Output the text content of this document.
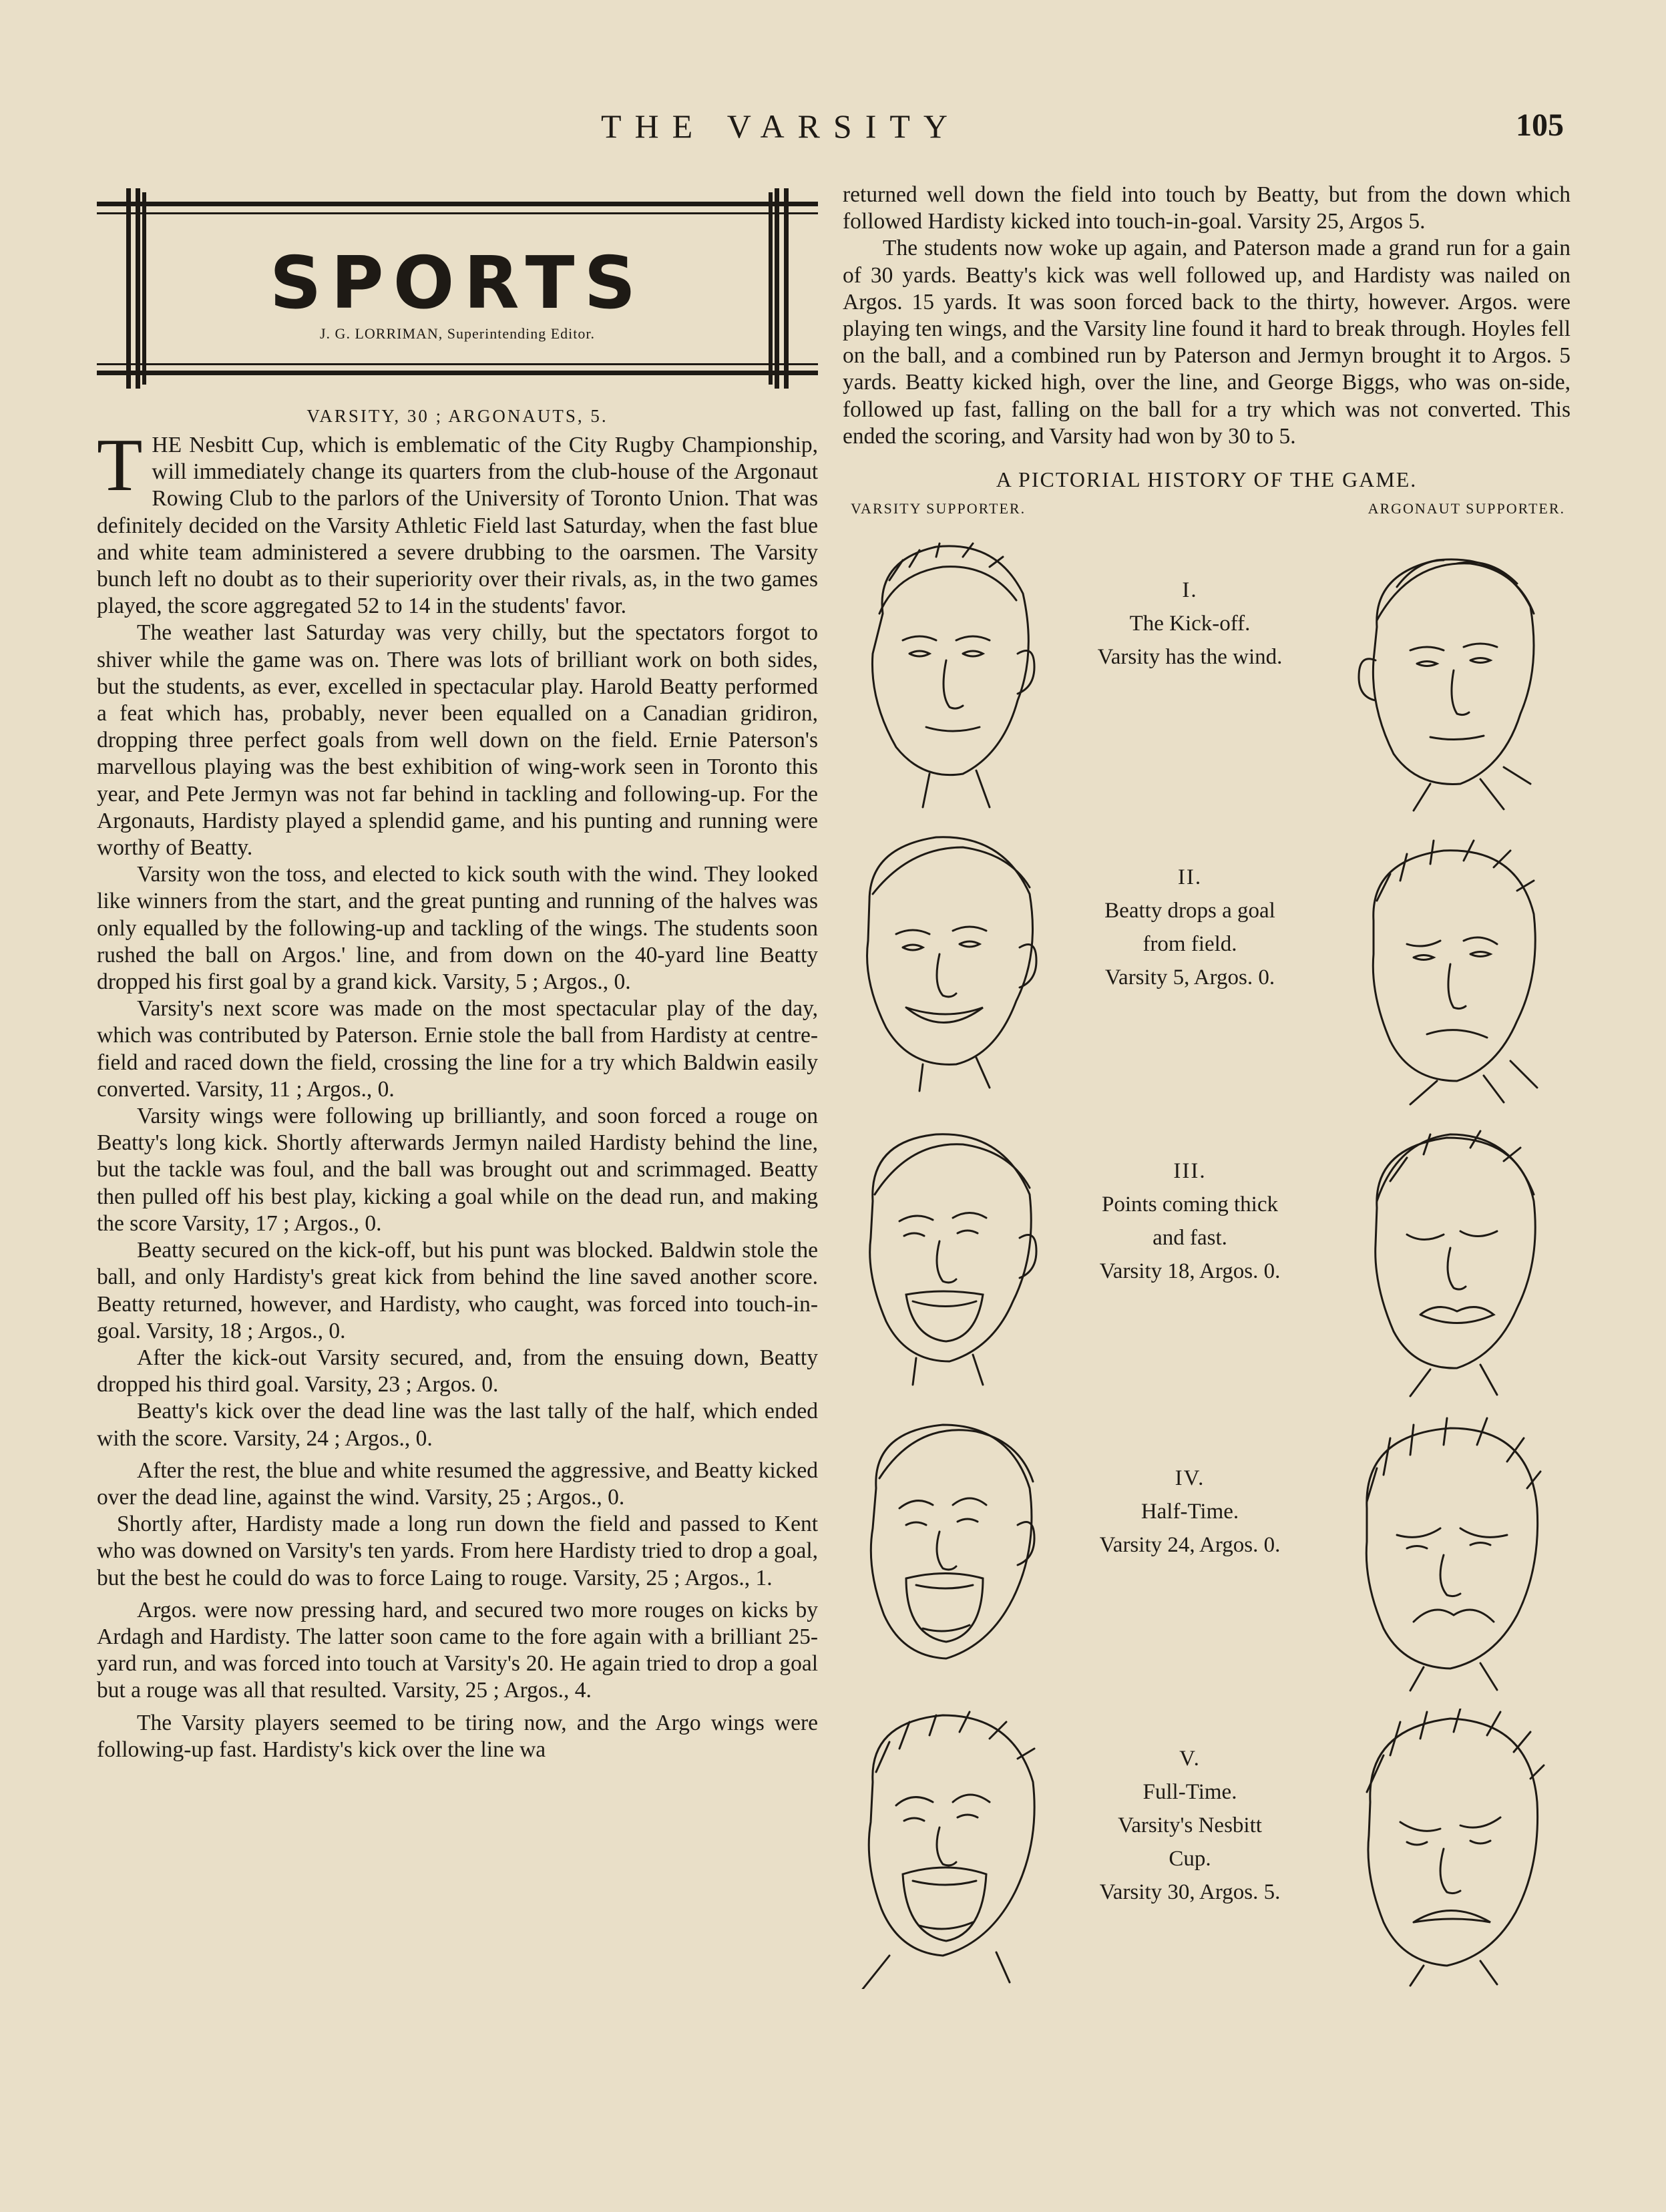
THE VARSITY	105
SPORTS
J. G. LORRIMAN, Superintending Editor.
VARSITY, 30 ; ARGONAUTS, 5.

THE Nesbitt Cup, which is emblematic of the City Rugby Championship, will immediately change its quarters from the club-house of the Argonaut Rowing Club to the parlors of the University of Toronto Union. That was definitely decided on the Varsity Athletic Field last Saturday, when the fast blue and white team administered a severe drubbing to the oarsmen. The Varsity bunch left no doubt as to their superiority over their rivals, as, in the two games played, the score aggregated 52 to 14 in the students' favor.

The weather last Saturday was very chilly, but the spectators forgot to shiver while the game was on. There was lots of brilliant work on both sides, but the students, as ever, excelled in spectacular play. Harold Beatty performed a feat which has, probably, never been equalled on a Canadian gridiron, dropping three perfect goals from well down on the field. Ernie Paterson's marvellous playing was the best exhibition of wing-work seen in Toronto this year, and Pete Jermyn was not far behind in tackling and following-up. For the Argonauts, Hardisty played a splendid game, and his punting and running were worthy of Beatty.

Varsity won the toss, and elected to kick south with the wind. They looked like winners from the start, and the great punting and running of the halves was only equalled by the following-up and tackling of the wings. The students soon rushed the ball on Argos.' line, and from down on the 40-yard line Beatty dropped his first goal by a grand kick. Varsity, 5 ; Argos., 0.

Varsity's next score was made on the most spectacular play of the day, which was contributed by Paterson. Ernie stole the ball from Hardisty at centre-field and raced down the field, crossing the line for a try which Baldwin easily converted. Varsity, 11 ; Argos., 0.

Varsity wings were following up brilliantly, and soon forced a rouge on Beatty's long kick. Shortly afterwards Jermyn nailed Hardisty behind the line, but the tackle was foul, and the ball was brought out and scrimmaged. Beatty then pulled off his best play, kicking a goal while on the dead run, and making the score Varsity, 17 ; Argos., 0.

Beatty secured on the kick-off, but his punt was blocked. Baldwin stole the ball, and only Hardisty's great kick from behind the line saved another score. Beatty returned, however, and Hardisty, who caught, was forced into touch-in-goal. Varsity, 18 ; Argos., 0.

After the kick-out Varsity secured, and, from the ensuing down, Beatty dropped his third goal. Varsity, 23 ; Argos. 0.

Beatty's kick over the dead line was the last tally of the half, which ended with the score. Varsity, 24 ; Argos., 0.

After the rest, the blue and white resumed the aggressive, and Beatty kicked over the dead line, against the wind. Varsity, 25 ; Argos., 0.

Shortly after, Hardisty made a long run down the field and passed to Kent who was downed on Varsity's ten yards. From here Hardisty tried to drop a goal, but the best he could do was to force Laing to rouge. Varsity, 25 ; Argos., 1.

Argos. were now pressing hard, and secured two more rouges on kicks by Ardagh and Hardisty. The latter soon came to the fore again with a brilliant 25-yard run, and was forced into touch at Varsity's 20. He again tried to drop a goal but a rouge was all that resulted. Varsity, 25 ; Argos., 4.

The Varsity players seemed to be tiring now, and the Argo wings were following-up fast. Hardisty's kick over the line wa

returned well down the field into touch by Beatty, but from the down which followed Hardisty kicked into touch-in-goal. Varsity 25, Argos 5.

The students now woke up again, and Paterson made a grand run for a gain of 30 yards. Beatty's kick was well followed up, and Hardisty was nailed on Argos. 15 yards. It was soon forced back to the thirty, however. Argos. were playing ten wings, and the Varsity line found it hard to break through. Hoyles fell on the ball, and a combined run by Paterson and Jermyn brought it to Argos. 5 yards. Beatty kicked high, over the line, and George Biggs, who was on-side, followed up fast, falling on the ball for a try which was not converted. This ended the scoring, and Varsity had won by 30 to 5.

A PICTORIAL HISTORY OF THE GAME.
VARSITY SUPPORTER.	ARGONAUT SUPPORTER.
I.
The Kick-off.
Varsity has the wind.
II.
Beatty drops a goal
from field.
Varsity 5, Argos. 0.
III.
Points coming thick
and fast.
Varsity 18, Argos. 0.
IV.
Half-Time.
Varsity 24, Argos. 0.
V.
Full-Time.
Varsity's Nesbitt
Cup.
Varsity 30, Argos. 5.
